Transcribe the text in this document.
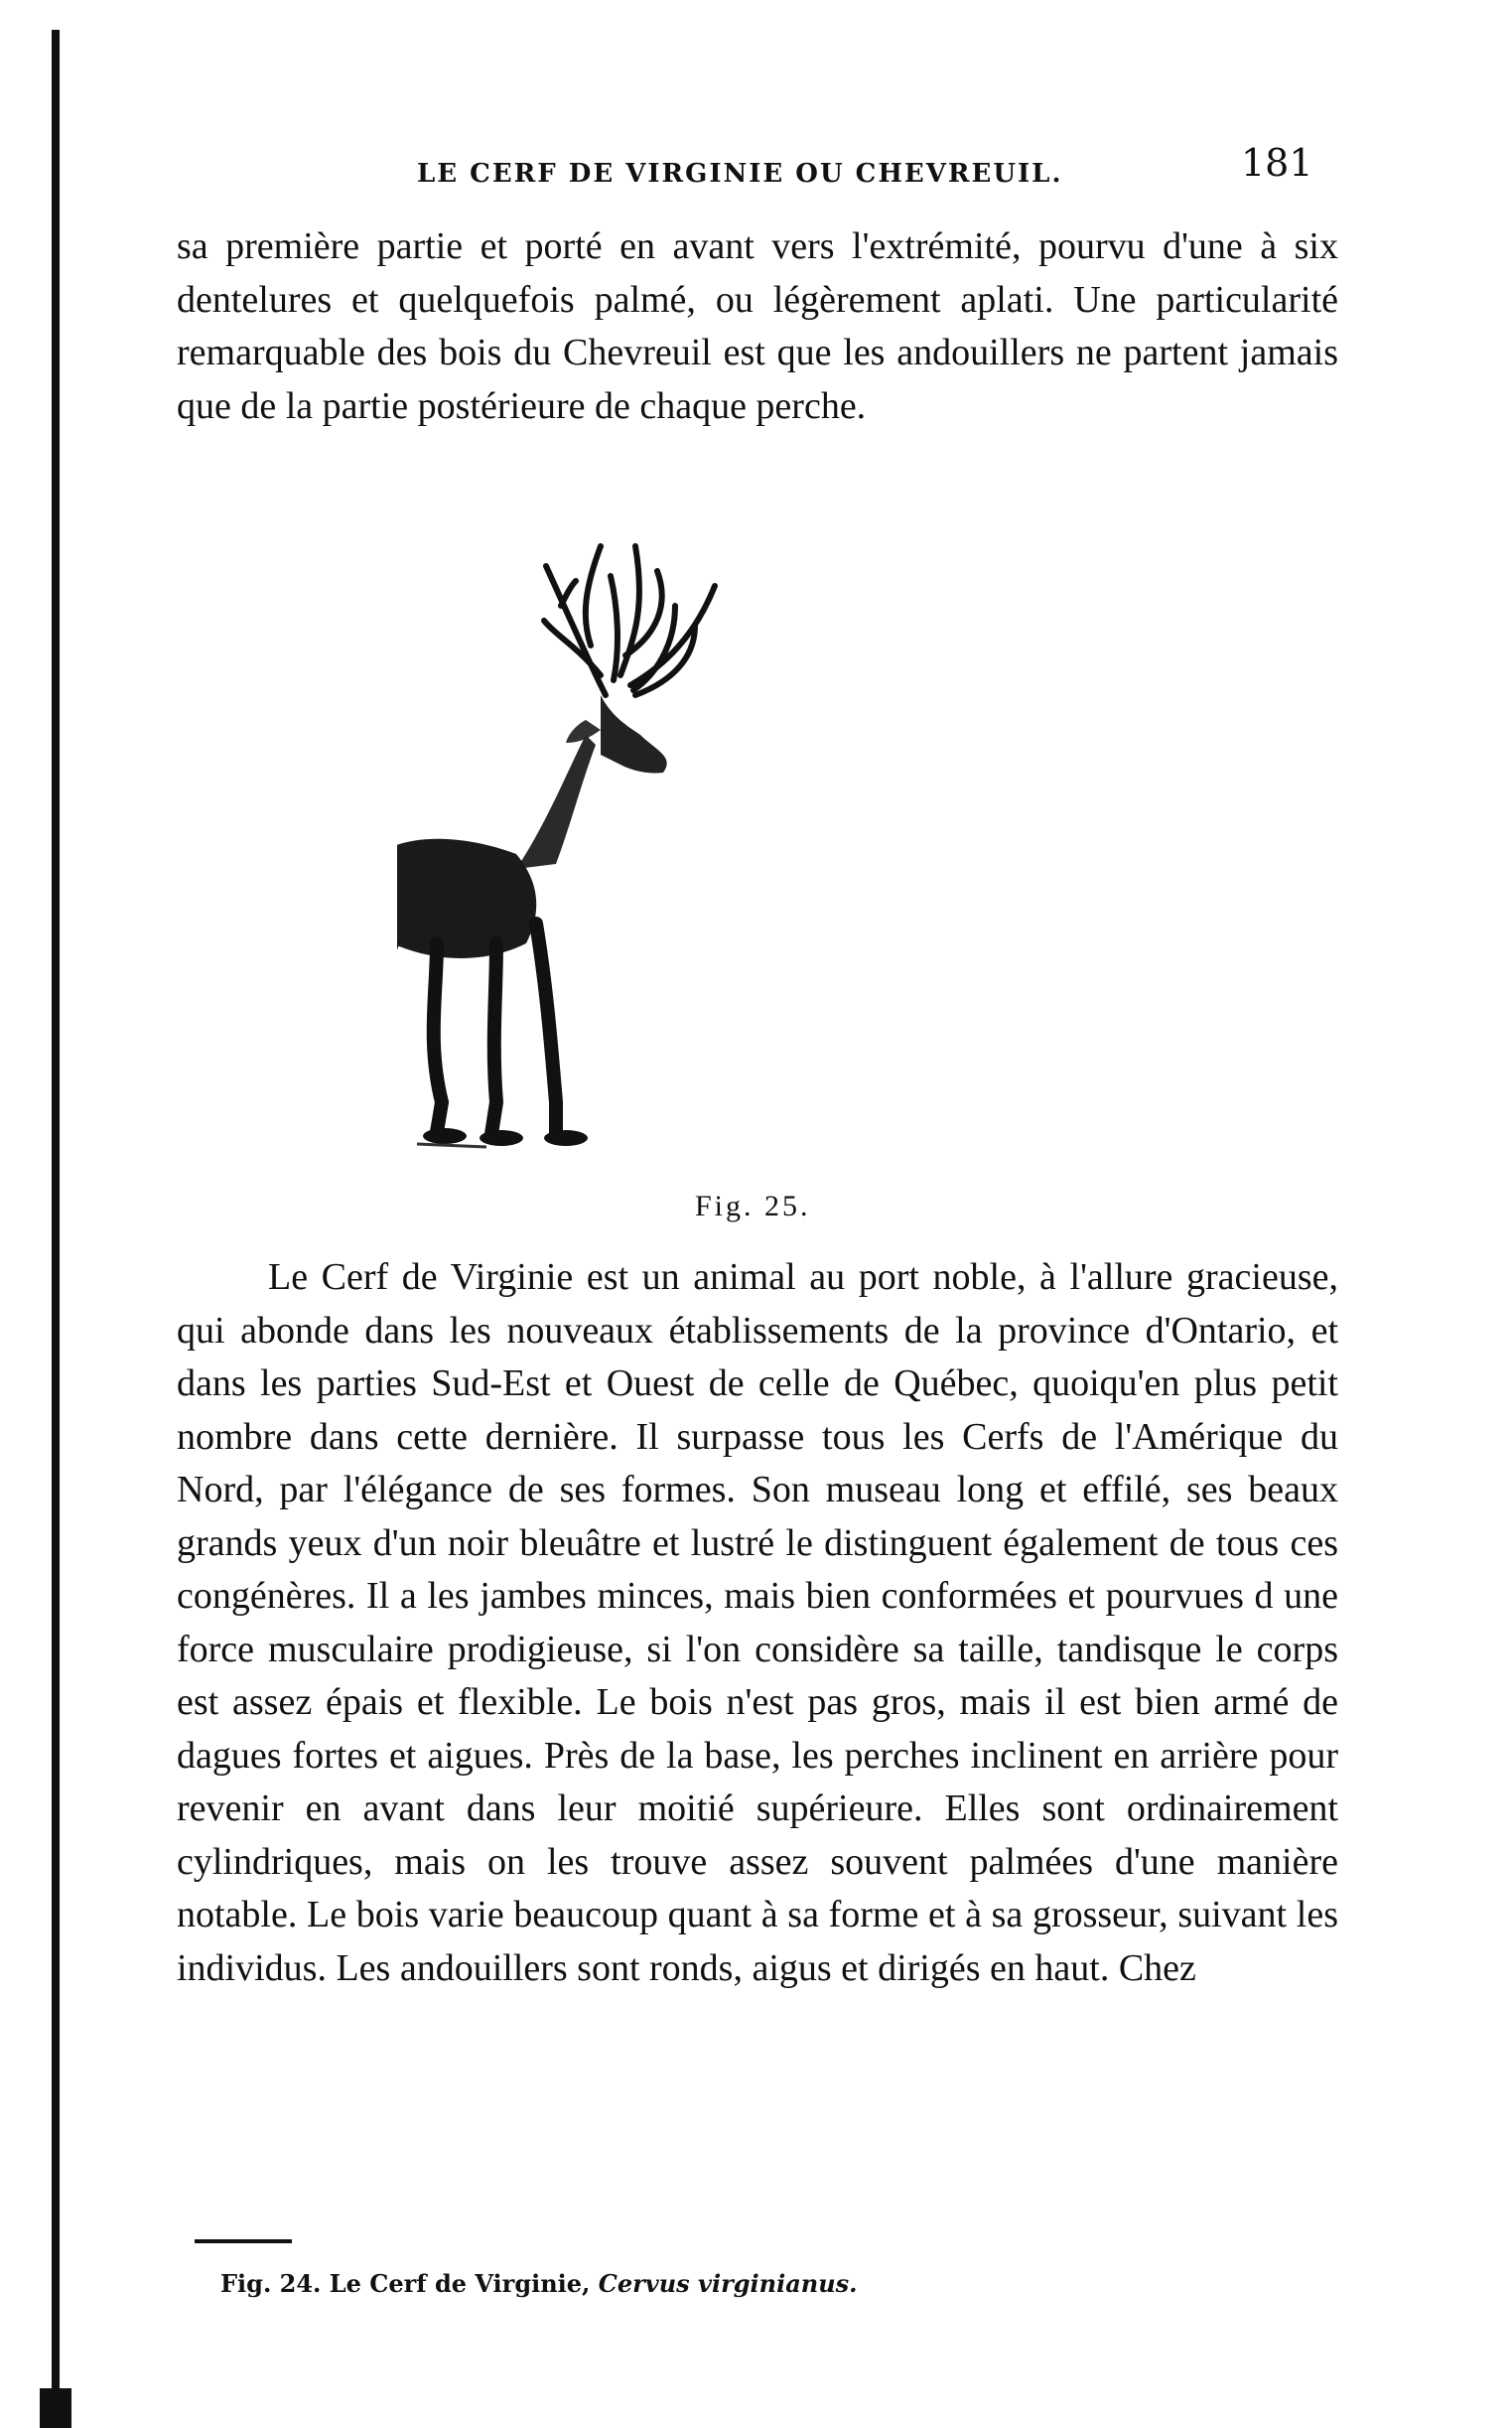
LE CERF DE VIRGINIE OU CHEVREUIL.	181
sa première partie et porté en avant vers l'extrémité, pourvu d'une à six dentelures et quelquefois palmé, ou légèrement aplati. Une particularité remarquable des bois du Chevreuil est que les andouillers ne partent jamais que de la partie postérieure de chaque perche.
Fig. 25.
Le Cerf de Virginie est un animal au port noble, à l'allure gracieuse, qui abonde dans les nouveaux établissements de la province d'Ontario, et dans les parties Sud-Est et Ouest de celle de Québec, quoiqu'en plus petit nombre dans cette dernière. Il surpasse tous les Cerfs de l'Amérique du Nord, par l'élégance de ses formes. Son museau long et effilé, ses beaux grands yeux d'un noir bleuâtre et lustré le distinguent également de tous ces congénères. Il a les jambes minces, mais bien conformées et pourvues d une force musculaire prodigieuse, si l'on considère sa taille, tandisque le corps est assez épais et flexible. Le bois n'est pas gros, mais il est bien armé de dagues fortes et aigues. Près de la base, les perches inclinent en arrière pour revenir en avant dans leur moitié supérieure. Elles sont ordinairement cylindriques, mais on les trouve assez souvent palmées d'une manière notable. Le bois varie beaucoup quant à sa forme et à sa grosseur, suivant les individus. Les andouillers sont ronds, aigus et dirigés en haut. Chez
Fig. 24. Le Cerf de Virginie, Cervus virginianus.
